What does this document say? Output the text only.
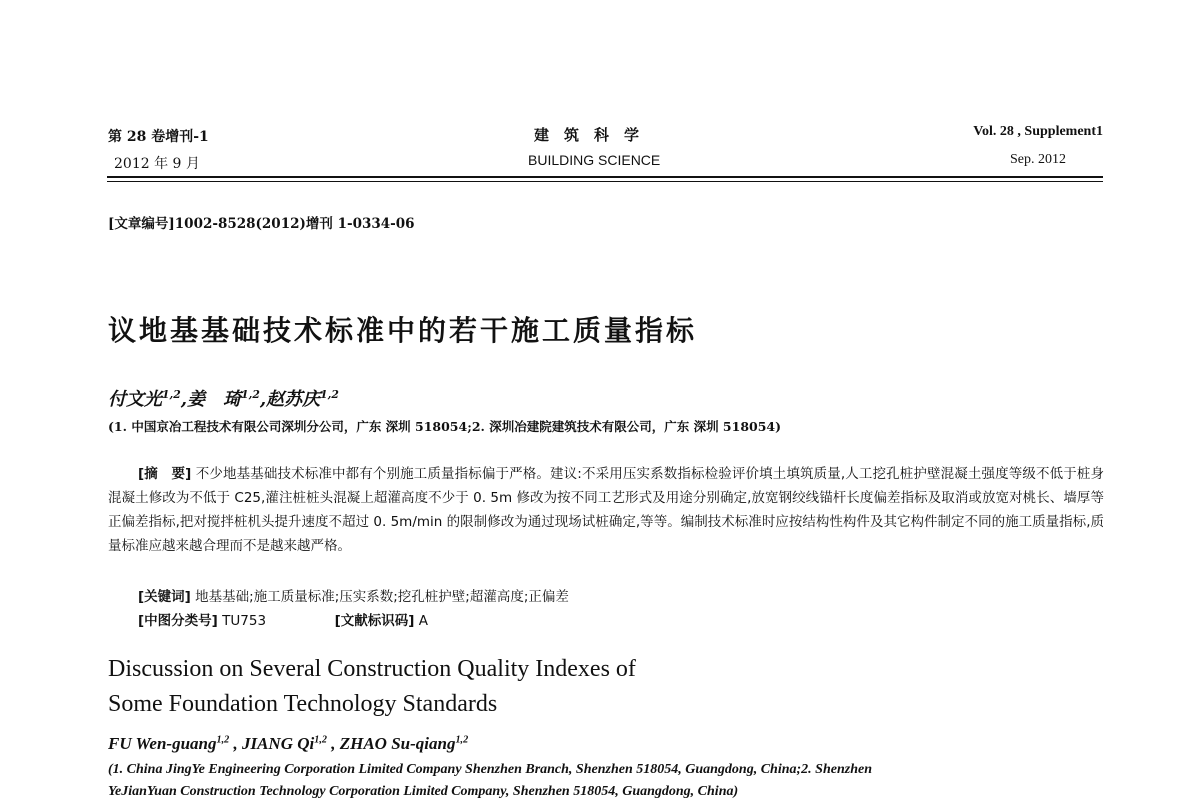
第 28 卷增刊-1
2012 年 9 月
建　筑　科　学
BUILDING SCIENCE
Vol. 28 , Supplement1
Sep. 2012
[文章编号]1002-8528(2012)增刊 1-0334-06
议地基基础技术标准中的若干施工质量指标
付文光$^{1,2}$,姜　琦$^{1,2}$,赵苏庆$^{1,2}$
(1. 中国京冶工程技术有限公司深圳分公司，广东 深圳 518054;2. 深圳冶建院建筑技术有限公司，广东 深圳 518054)
[摘　要] 不少地基基础技术标准中都有个别施工质量指标偏于严格。建议:不采用压实系数指标检验评价填土填筑质量,人工挖孔桩护壁混凝土强度等级不低于桩身混凝土修改为不低于 C25,灌注桩桩头混凝上超灌高度不少于 0. 5m 修改为按不同工艺形式及用途分别确定,放宽钢绞线锚杆长度偏差指标及取消或放宽对桃长、墙厚等正偏差指标,把对搅拌桩机头提升速度不超过 0. 5m/min 的限制修改为通过现场试桩确定,等等。编制技术标准时应按结构性构件及其它构件制定不同的施工质量指标,质量标准应越来越合理而不是越来越严格。
[关键词] 地基基础;施工质量标准;压实系数;挖孔桩护壁;超灌高度;正偏差
[中图分类号] TU753	[文献标识码] A
Discussion on Several Construction Quality Indexes of
Some Foundation Technology Standards
FU Wen-guang$^{1,2}$ , JIANG Qi$^{1,2}$ , ZHAO Su-qiang$^{1,2}$
(1. China JingYe Engineering Corporation Limited Company Shenzhen Branch, Shenzhen 518054, Guangdong, China;2. Shenzhen
YeJianYuan Construction Technology Corporation Limited Company, Shenzhen 518054, Guangdong, China)
